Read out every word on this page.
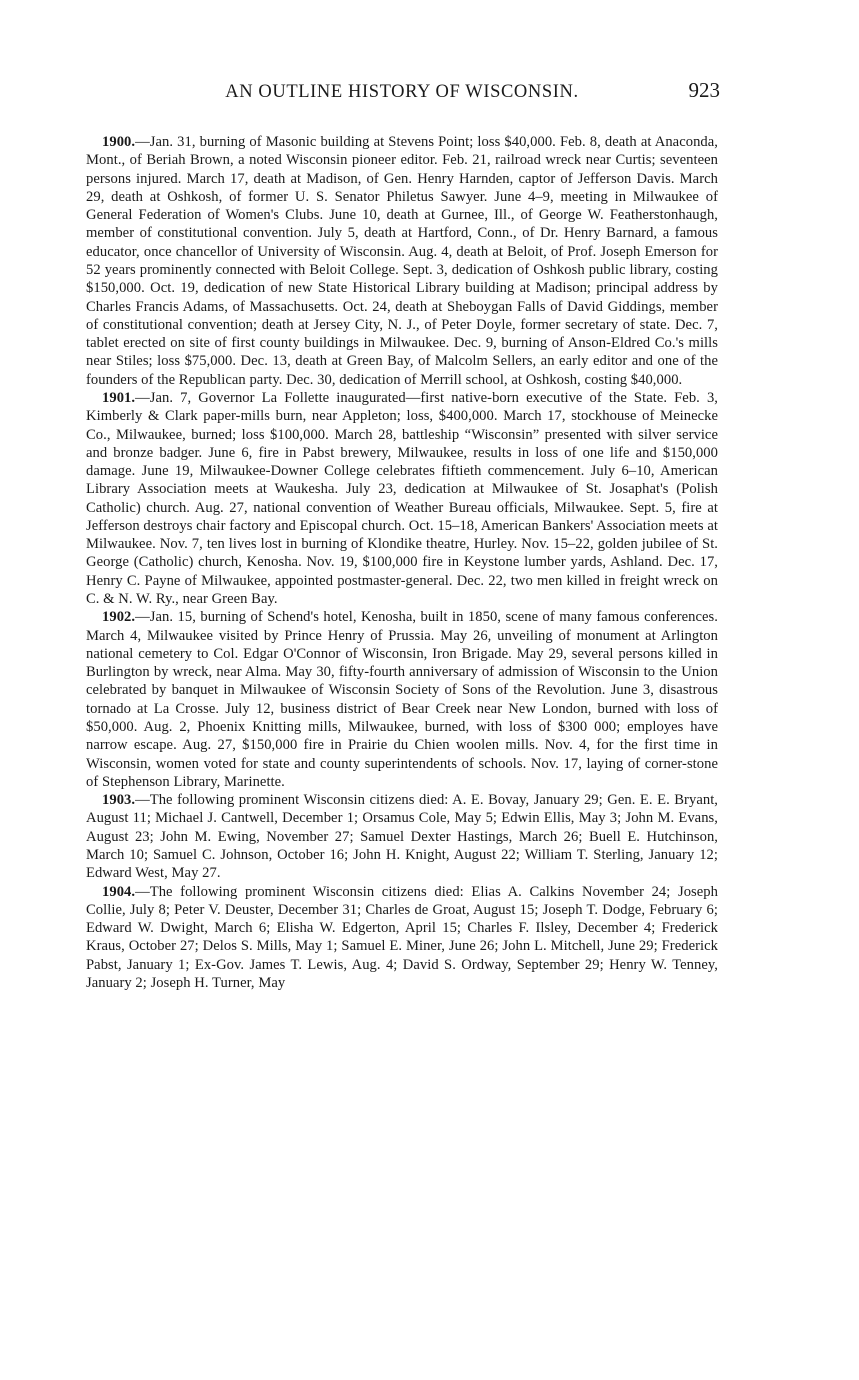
AN OUTLINE HISTORY OF WISCONSIN.	923

1900.—Jan. 31, burning of Masonic building at Stevens Point; loss $40,000. Feb. 8, death at Anaconda, Mont., of Beriah Brown, a noted Wisconsin pioneer editor. Feb. 21, railroad wreck near Curtis; seventeen persons injured. March 17, death at Madison, of Gen. Henry Harnden, captor of Jefferson Davis. March 29, death at Oshkosh, of former U. S. Senator Philetus Sawyer. June 4–9, meeting in Milwaukee of General Federation of Women's Clubs. June 10, death at Gurnee, Ill., of George W. Featherstonhaugh, member of constitutional convention. July 5, death at Hartford, Conn., of Dr. Henry Barnard, a famous educator, once chancellor of University of Wisconsin. Aug. 4, death at Beloit, of Prof. Joseph Emerson for 52 years prominently connected with Beloit College. Sept. 3, dedication of Oshkosh public library, costing $150,000. Oct. 19, dedication of new State Historical Library building at Madison; principal address by Charles Francis Adams, of Massachusetts. Oct. 24, death at Sheboygan Falls of David Giddings, member of constitutional convention; death at Jersey City, N. J., of Peter Doyle, former secretary of state. Dec. 7, tablet erected on site of first county buildings in Milwaukee. Dec. 9, burning of Anson-Eldred Co.'s mills near Stiles; loss $75,000. Dec. 13, death at Green Bay, of Malcolm Sellers, an early editor and one of the founders of the Republican party. Dec. 30, dedication of Merrill school, at Oshkosh, costing $40,000.

1901.—Jan. 7, Governor La Follette inaugurated—first native-born executive of the State. Feb. 3, Kimberly & Clark paper-mills burn, near Appleton; loss, $400,000. March 17, stockhouse of Meinecke Co., Milwaukee, burned; loss $100,000. March 28, battleship “Wisconsin” presented with silver service and bronze badger. June 6, fire in Pabst brewery, Milwaukee, results in loss of one life and $150,000 damage. June 19, Milwaukee-Downer College celebrates fiftieth commencement. July 6–10, American Library Association meets at Waukesha. July 23, dedication at Milwaukee of St. Josaphat's (Polish Catholic) church. Aug. 27, national convention of Weather Bureau officials, Milwaukee. Sept. 5, fire at Jefferson destroys chair factory and Episcopal church. Oct. 15–18, American Bankers' Association meets at Milwaukee. Nov. 7, ten lives lost in burning of Klondike theatre, Hurley. Nov. 15–22, golden jubilee of St. George (Catholic) church, Kenosha. Nov. 19, $100,000 fire in Keystone lumber yards, Ashland. Dec. 17, Henry C. Payne of Milwaukee, appointed postmaster-general. Dec. 22, two men killed in freight wreck on C. & N. W. Ry., near Green Bay.

1902.—Jan. 15, burning of Schend's hotel, Kenosha, built in 1850, scene of many famous conferences. March 4, Milwaukee visited by Prince Henry of Prussia. May 26, unveiling of monument at Arlington national cemetery to Col. Edgar O'Connor of Wisconsin, Iron Brigade. May 29, several persons killed in Burlington by wreck, near Alma. May 30, fifty-fourth anniversary of admission of Wisconsin to the Union celebrated by banquet in Milwaukee of Wisconsin Society of Sons of the Revolution. June 3, disastrous tornado at La Crosse. July 12, business district of Bear Creek near New London, burned with loss of $50,000. Aug. 2, Phoenix Knitting mills, Milwaukee, burned, with loss of $300 000; employes have narrow escape. Aug. 27, $150,000 fire in Prairie du Chien woolen mills. Nov. 4, for the first time in Wisconsin, women voted for state and county superintendents of schools. Nov. 17, laying of corner-stone of Stephenson Library, Marinette.

1903.—The following prominent Wisconsin citizens died: A. E. Bovay, January 29; Gen. E. E. Bryant, August 11; Michael J. Cantwell, December 1; Orsamus Cole, May 5; Edwin Ellis, May 3; John M. Evans, August 23; John M. Ewing, November 27; Samuel Dexter Hastings, March 26; Buell E. Hutchinson, March 10; Samuel C. Johnson, October 16; John H. Knight, August 22; William T. Sterling, January 12; Edward West, May 27.

1904.—The following prominent Wisconsin citizens died: Elias A. Calkins November 24; Joseph Collie, July 8; Peter V. Deuster, December 31; Charles de Groat, August 15; Joseph T. Dodge, February 6; Edward W. Dwight, March 6; Elisha W. Edgerton, April 15; Charles F. Ilsley, December 4; Frederick Kraus, October 27; Delos S. Mills, May 1; Samuel E. Miner, June 26; John L. Mitchell, June 29; Frederick Pabst, January 1; Ex-Gov. James T. Lewis, Aug. 4; David S. Ordway, September 29; Henry W. Tenney, January 2; Joseph H. Turner, May
